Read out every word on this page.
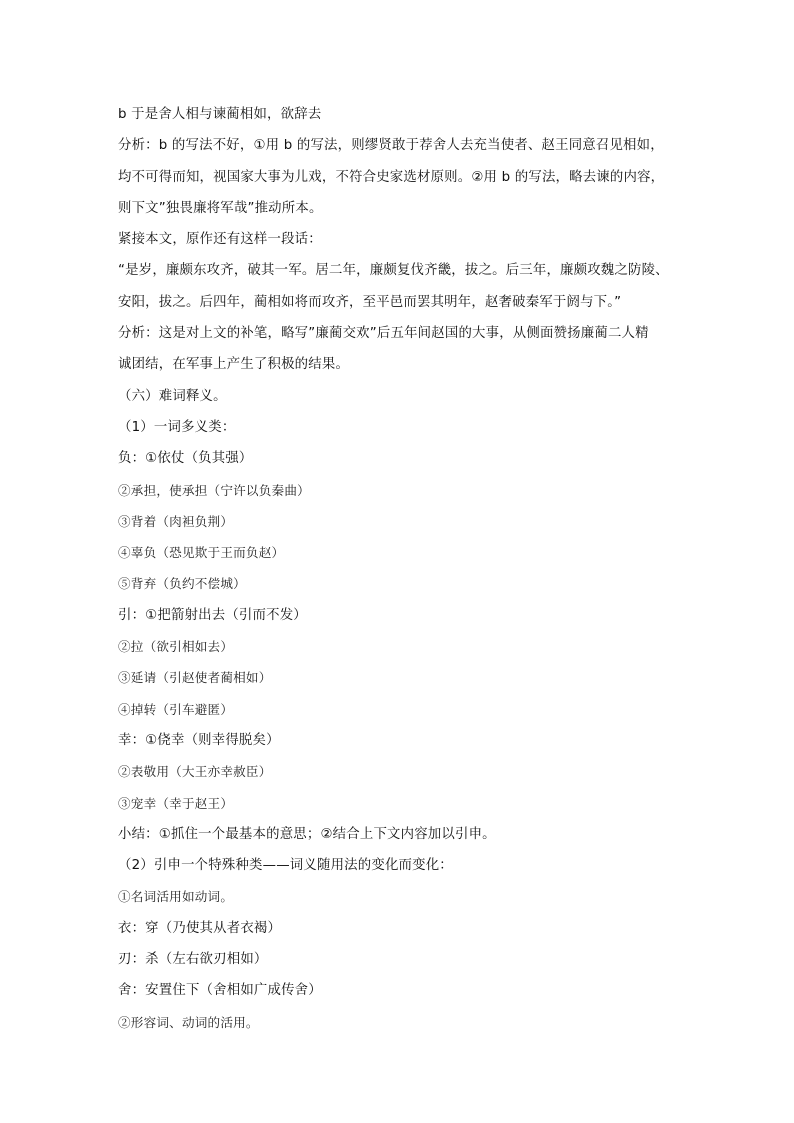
b 于是舍人相与谏蔺相如，欲辞去
分析：b 的写法不好，①用 b 的写法，则缪贤敢于荐舍人去充当使者、赵王同意召见相如，
均不可得而知，视国家大事为儿戏，不符合史家选材原则。②用 b 的写法，略去谏的内容，
则下文”独畏廉将军哉”推动所本。
紧接本文，原作还有这样一段话：
“是岁，廉颇东攻齐，破其一军。居二年，廉颇复伐齐畿，拔之。后三年，廉颇攻魏之防陵、
安阳，拔之。后四年，蔺相如将而攻齐，至平邑而罢其明年，赵奢破秦军于阏与下。”
分析：这是对上文的补笔，略写”廉蔺交欢”后五年间赵国的大事，从侧面赞扬廉蔺二人精
诚团结，在军事上产生了积极的结果。
（六）难词释义。
（1）一词多义类：
负：①依仗（负其强）
②承担，使承担（宁许以负秦曲）
③背着（肉袒负荆）
④辜负（恐见欺于王而负赵）
⑤背弃（负约不偿城）
引：①把箭射出去（引而不发）
②拉（欲引相如去）
③延请（引赵使者蔺相如）
④掉转（引车避匿）
幸：①侥幸（则幸得脱矣）
②表敬用（大王亦幸赦臣）
③宠幸（幸于赵王）
小结：①抓住一个最基本的意思；②结合上下文内容加以引申。
（2）引申一个特殊种类——词义随用法的变化而变化：
①名词活用如动词。
衣：穿（乃使其从者衣褐）
刃：杀（左右欲刃相如）
舍：安置住下（舍相如广成传舍）
②形容词、动词的活用。
